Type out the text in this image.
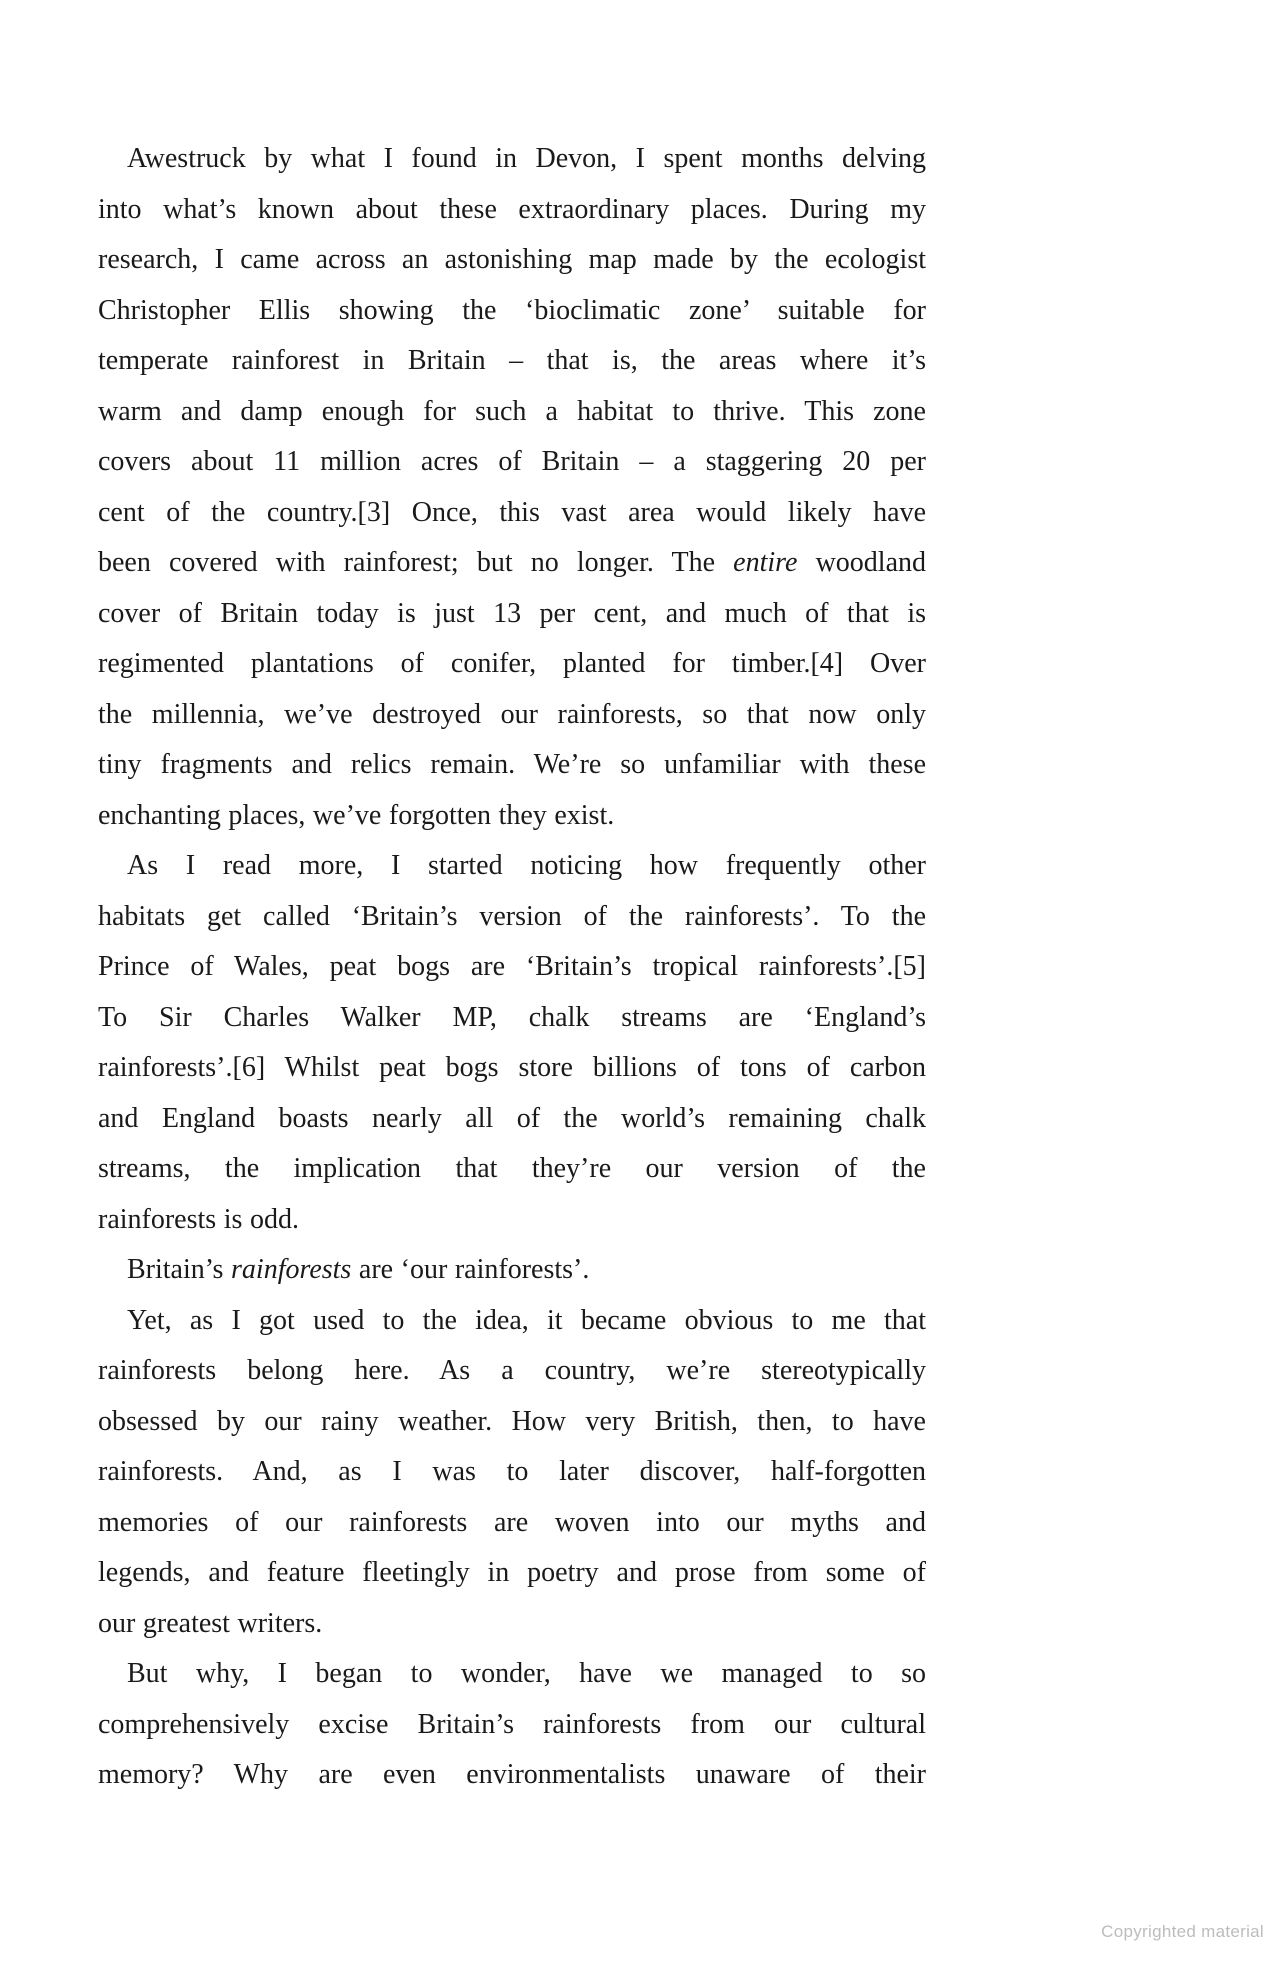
Awestruck by what I found in Devon, I spent months delving
into what’s known about these extraordinary places. During my
research, I came across an astonishing map made by the ecologist
Christopher Ellis showing the ‘bioclimatic zone’ suitable for
temperate rainforest in Britain – that is, the areas where it’s
warm and damp enough for such a habitat to thrive. This zone
covers about 11 million acres of Britain – a staggering 20 per
cent of the country.[3] Once, this vast area would likely have
been covered with rainforest; but no longer. The entire woodland
cover of Britain today is just 13 per cent, and much of that is
regimented plantations of conifer, planted for timber.[4] Over
the millennia, we’ve destroyed our rainforests, so that now only
tiny fragments and relics remain. We’re so unfamiliar with these
enchanting places, we’ve forgotten they exist.
As I read more, I started noticing how frequently other
habitats get called ‘Britain’s version of the rainforests’. To the
Prince of Wales, peat bogs are ‘Britain’s tropical rainforests’.[5]
To Sir Charles Walker MP, chalk streams are ‘England’s
rainforests’.[6] Whilst peat bogs store billions of tons of carbon
and England boasts nearly all of the world’s remaining chalk
streams, the implication that they’re our version of the
rainforests is odd.
Britain’s rainforests are ‘our rainforests’.
Yet, as I got used to the idea, it became obvious to me that
rainforests belong here. As a country, we’re stereotypically
obsessed by our rainy weather. How very British, then, to have
rainforests. And, as I was to later discover, half-forgotten
memories of our rainforests are woven into our myths and
legends, and feature fleetingly in poetry and prose from some of
our greatest writers.
But why, I began to wonder, have we managed to so
comprehensively excise Britain’s rainforests from our cultural
memory? Why are even environmentalists unaware of their
Copyrighted material
